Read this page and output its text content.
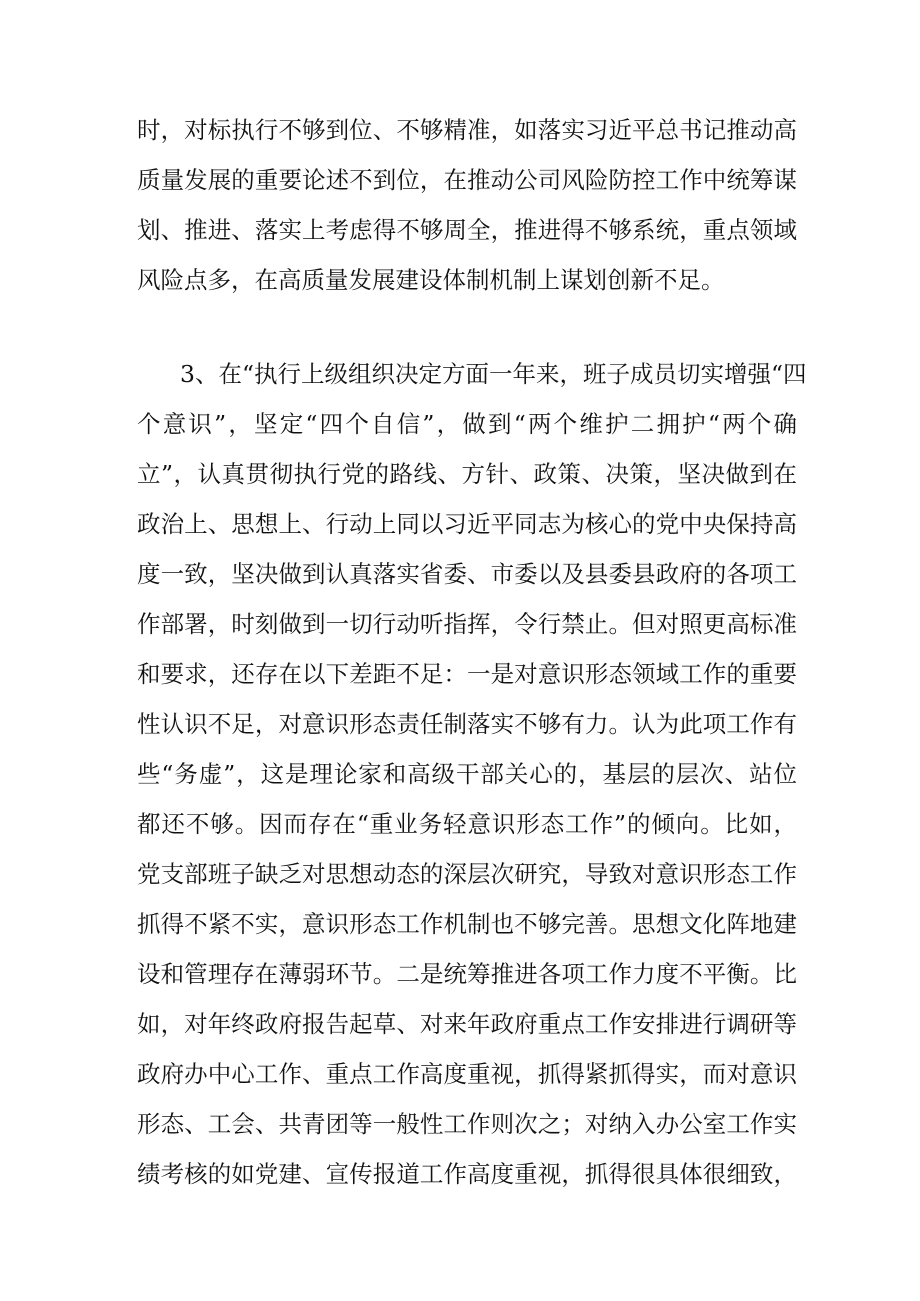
时，对标执行不够到位、不够精准，如落实习近平总书记推动高
质量发展的重要论述不到位，在推动公司风险防控工作中统筹谋
划、推进、落实上考虑得不够周全，推进得不够系统，重点领域
风险点多，在高质量发展建设体制机制上谋划创新不足。
3、在“执行上级组织决定方面一年来，班子成员切实增强“四
个意识”，坚定“四个自信”，做到“两个维护二拥护“两个确
立”，认真贯彻执行党的路线、方针、政策、决策，坚决做到在
政治上、思想上、行动上同以习近平同志为核心的党中央保持高
度一致，坚决做到认真落实省委、市委以及县委县政府的各项工
作部署，时刻做到一切行动听指挥，令行禁止。但对照更高标准
和要求，还存在以下差距不足：一是对意识形态领域工作的重要
性认识不足，对意识形态责任制落实不够有力。认为此项工作有
些“务虚”，这是理论家和高级干部关心的，基层的层次、站位
都还不够。因而存在“重业务轻意识形态工作”的倾向。比如，
党支部班子缺乏对思想动态的深层次研究，导致对意识形态工作
抓得不紧不实，意识形态工作机制也不够完善。思想文化阵地建
设和管理存在薄弱环节。二是统筹推进各项工作力度不平衡。比
如，对年终政府报告起草、对来年政府重点工作安排进行调研等
政府办中心工作、重点工作高度重视，抓得紧抓得实，而对意识
形态、工会、共青团等一般性工作则次之；对纳入办公室工作实
绩考核的如党建、宣传报道工作高度重视，抓得很具体很细致，
